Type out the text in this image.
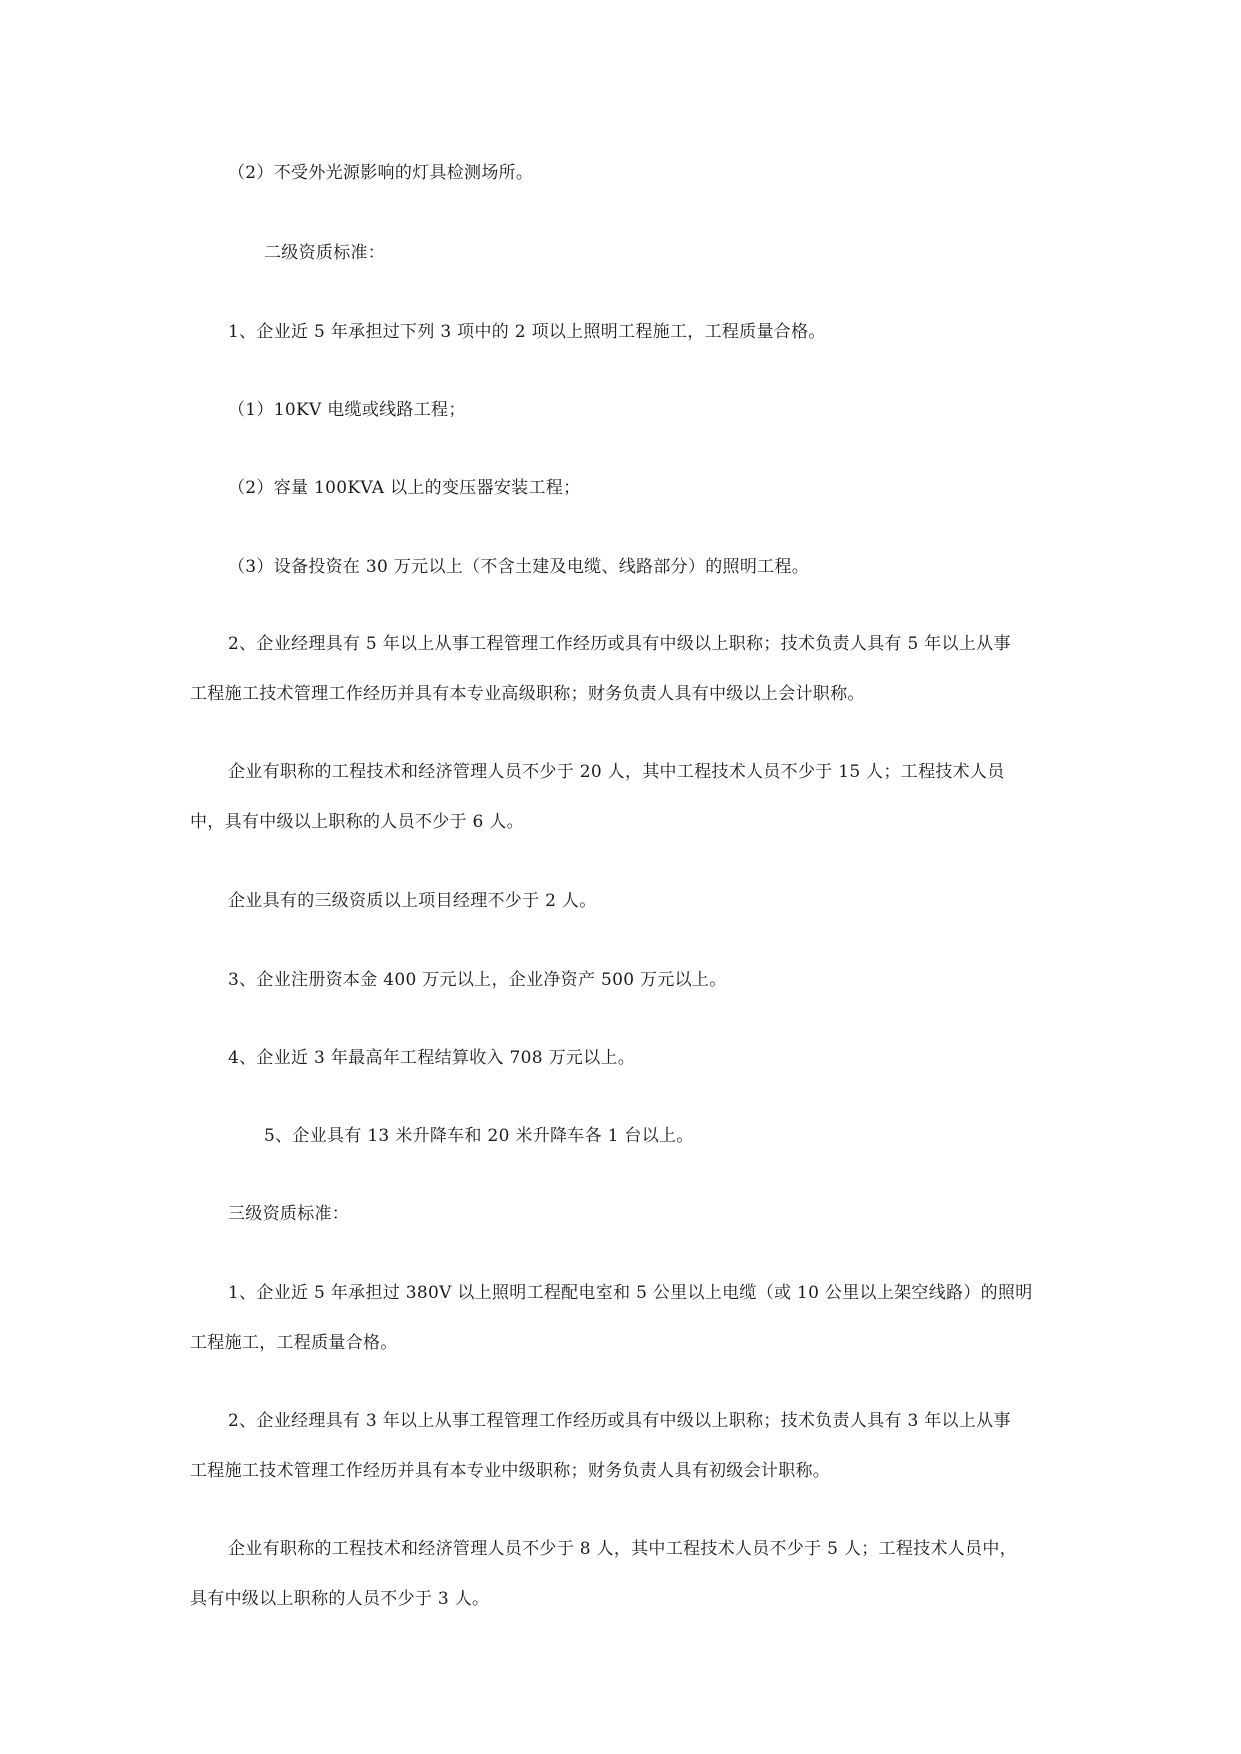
（2）不受外光源影响的灯具检测场所。
二级资质标准：
1、企业近 5 年承担过下列 3 项中的 2 项以上照明工程施工，工程质量合格。
（1）10KV 电缆或线路工程；
（2）容量 100KVA 以上的变压器安装工程；
（3）设备投资在 30 万元以上（不含土建及电缆、线路部分）的照明工程。
2、企业经理具有 5 年以上从事工程管理工作经历或具有中级以上职称；技术负责人具有 5 年以上从事
工程施工技术管理工作经历并具有本专业高级职称；财务负责人具有中级以上会计职称。
企业有职称的工程技术和经济管理人员不少于 20 人，其中工程技术人员不少于 15 人；工程技术人员
中，具有中级以上职称的人员不少于 6 人。
企业具有的三级资质以上项目经理不少于 2 人。
3、企业注册资本金 400 万元以上，企业净资产 500 万元以上。
4、企业近 3 年最高年工程结算收入 708 万元以上。
5、企业具有 13 米升降车和 20 米升降车各 1 台以上。
三级资质标准：
1、企业近 5 年承担过 380V 以上照明工程配电室和 5 公里以上电缆（或 10 公里以上架空线路）的照明
工程施工，工程质量合格。
2、企业经理具有 3 年以上从事工程管理工作经历或具有中级以上职称；技术负责人具有 3 年以上从事
工程施工技术管理工作经历并具有本专业中级职称；财务负责人具有初级会计职称。
企业有职称的工程技术和经济管理人员不少于 8 人，其中工程技术人员不少于 5 人；工程技术人员中，
具有中级以上职称的人员不少于 3 人。
